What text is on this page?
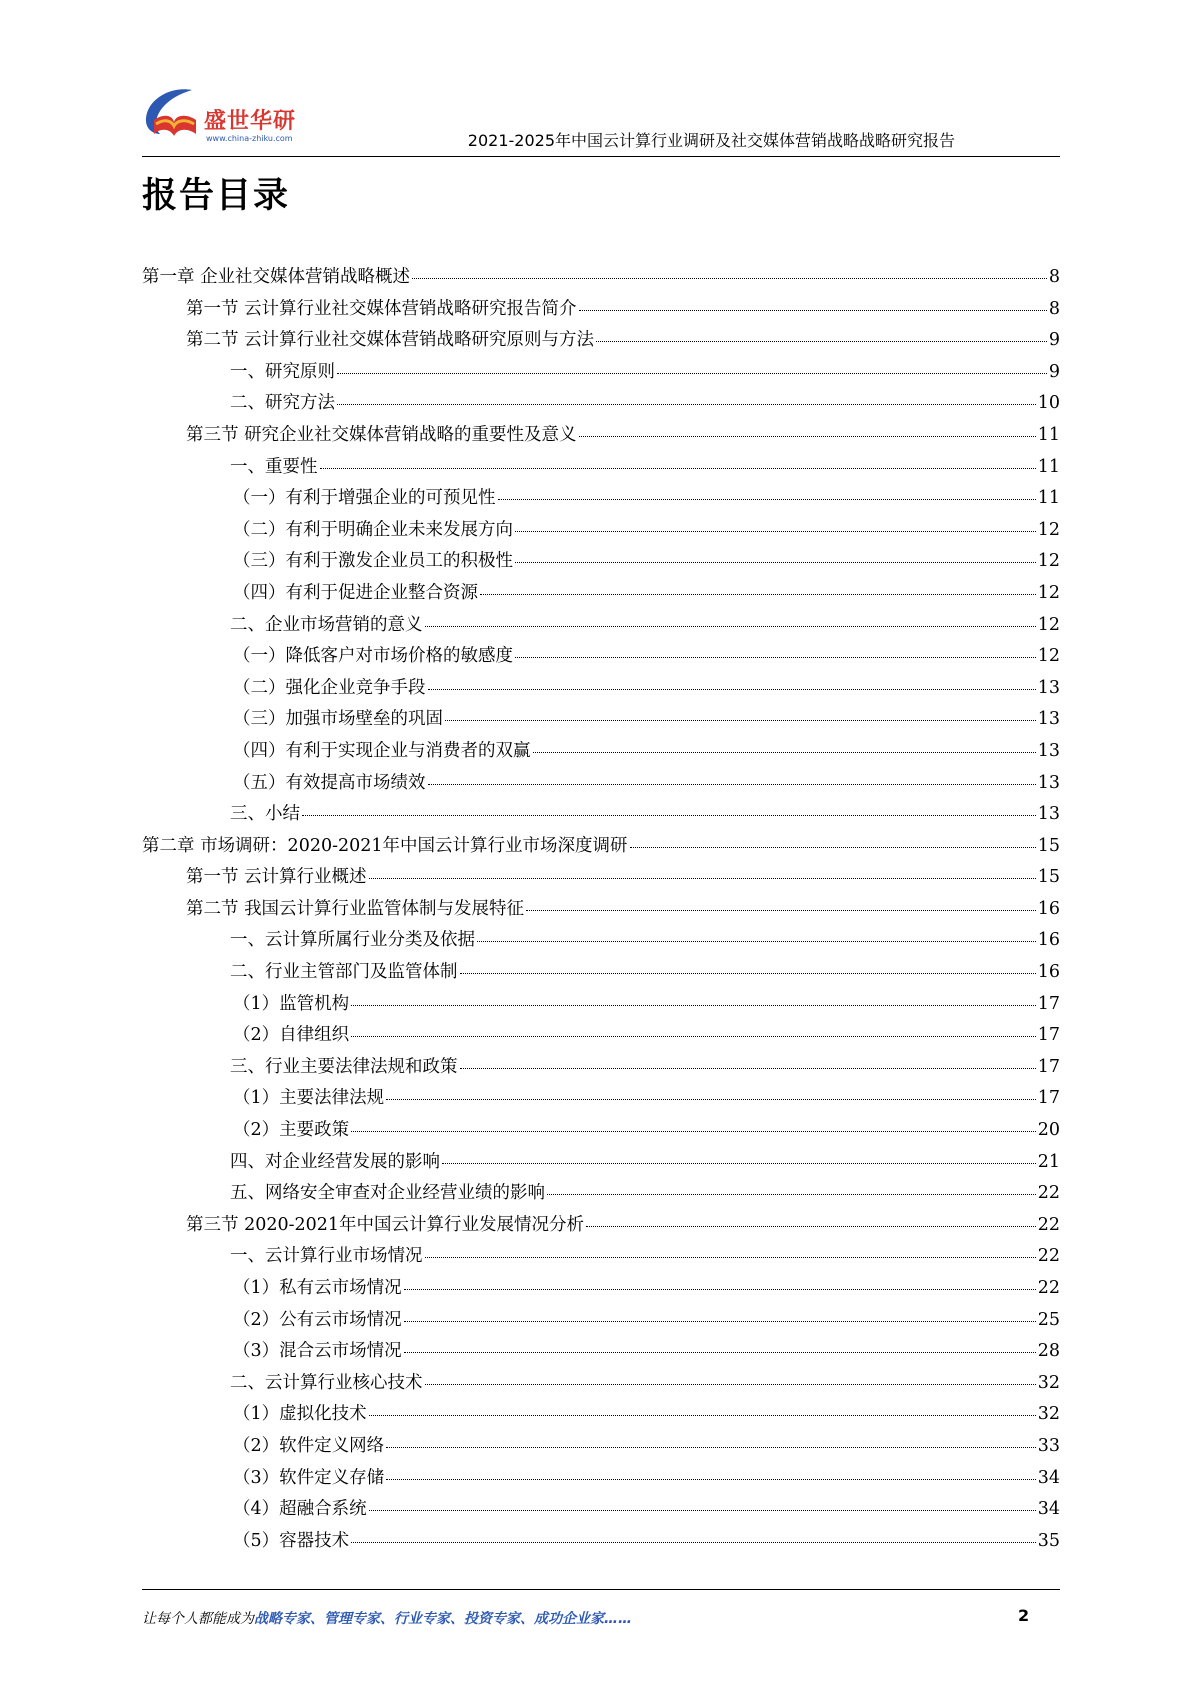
盛世华研
www.china-zhiku.com	2021-2025年中国云计算行业调研及社交媒体营销战略战略研究报告
报告目录
第一章 企业社交媒体营销战略概述	8
第一节 云计算行业社交媒体营销战略研究报告简介	8
第二节 云计算行业社交媒体营销战略研究原则与方法	9
一、研究原则	9
二、研究方法	10
第三节 研究企业社交媒体营销战略的重要性及意义	11
一、重要性	11
（一）有利于增强企业的可预见性	11
（二）有利于明确企业未来发展方向	12
（三）有利于激发企业员工的积极性	12
（四）有利于促进企业整合资源	12
二、企业市场营销的意义	12
（一）降低客户对市场价格的敏感度	12
（二）强化企业竞争手段	13
（三）加强市场壁垒的巩固	13
（四）有利于实现企业与消费者的双赢	13
（五）有效提高市场绩效	13
三、小结	13
第二章 市场调研：2020-2021年中国云计算行业市场深度调研	15
第一节 云计算行业概述	15
第二节 我国云计算行业监管体制与发展特征	16
一、云计算所属行业分类及依据	16
二、行业主管部门及监管体制	16
（1）监管机构	17
（2）自律组织	17
三、行业主要法律法规和政策	17
（1）主要法律法规	17
（2）主要政策	20
四、对企业经营发展的影响	21
五、网络安全审查对企业经营业绩的影响	22
第三节 2020-2021年中国云计算行业发展情况分析	22
一、云计算行业市场情况	22
（1）私有云市场情况	22
（2）公有云市场情况	25
（3）混合云市场情况	28
二、云计算行业核心技术	32
（1）虚拟化技术	32
（2）软件定义网络	33
（3）软件定义存储	34
（4）超融合系统	34
（5）容器技术	35
让每个人都能成为战略专家、管理专家、行业专家、投资专家、成功企业家……	2
